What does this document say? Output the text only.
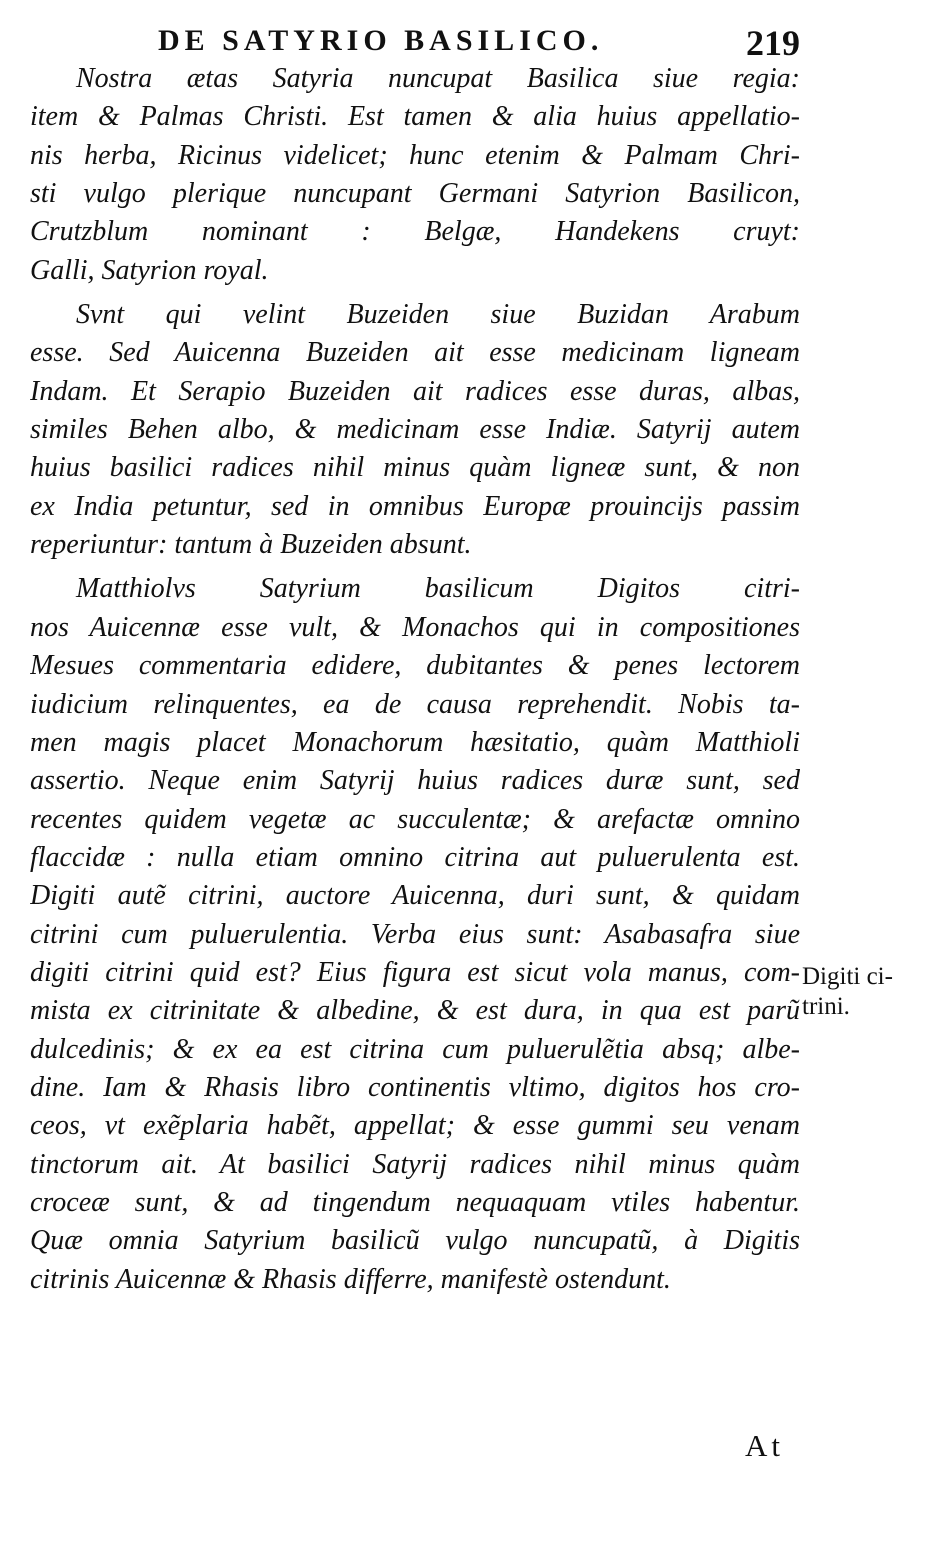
DE SATYRIO BASILICO.	219
Nostra ætas Satyria nuncupat Basilica siue regia:
item & Palmas Christi. Est tamen & alia huius appellatio-
nis herba, Ricinus videlicet; hunc etenim & Palmam Chri-
sti vulgo plerique nuncupant Germani Satyrion Basilicon,
Crutzblum nominant : Belgæ, Handekens cruyt:
Galli, Satyrion royal.
Svnt qui velint Buzeiden siue Buzidan Arabum
esse. Sed Auicenna Buzeiden ait esse medicinam ligneam
Indam. Et Serapio Buzeiden ait radices esse duras, albas,
similes Behen albo, & medicinam esse Indiæ. Satyrij autem
huius basilici radices nihil minus quàm ligneæ sunt, & non
ex India petuntur, sed in omnibus Europæ prouincijs passim
reperiuntur: tantum à Buzeiden absunt.
Matthiolvs Satyrium basilicum Digitos citri-
nos Auicennæ esse vult, & Monachos qui in compositiones
Mesues commentaria edidere, dubitantes & penes lectorem
iudicium relinquentes, ea de causa reprehendit. Nobis ta-
men magis placet Monachorum hæsitatio, quàm Matthioli
assertio. Neque enim Satyrij huius radices duræ sunt, sed
recentes quidem vegetæ ac succulentæ; & arefactæ omnino
flaccidæ : nulla etiam omnino citrina aut puluerulenta est.
Digiti autẽ citrini, auctore Auicenna, duri sunt, & quidam
citrini cum puluerulentia. Verba eius sunt: Asabasafra siue
digiti citrini quid est? Eius figura est sicut vola manus, com-
mista ex citrinitate & albedine, & est dura, in qua est parũ
dulcedinis; & ex ea est citrina cum puluerulẽtia absq; albe-
dine. Iam & Rhasis libro continentis vltimo, digitos hos cro-
ceos, vt exẽplaria habẽt, appellat; & esse gummi seu venam
tinctorum ait. At basilici Satyrij radices nihil minus quàm
croceæ sunt, & ad tingendum nequaquam vtiles habentur.
Quæ omnia Satyrium basilicũ vulgo nuncupatũ, à Digitis
citrinis Auicennæ & Rhasis differre, manifestè ostendunt.
Digiti ci-
trini.
At
